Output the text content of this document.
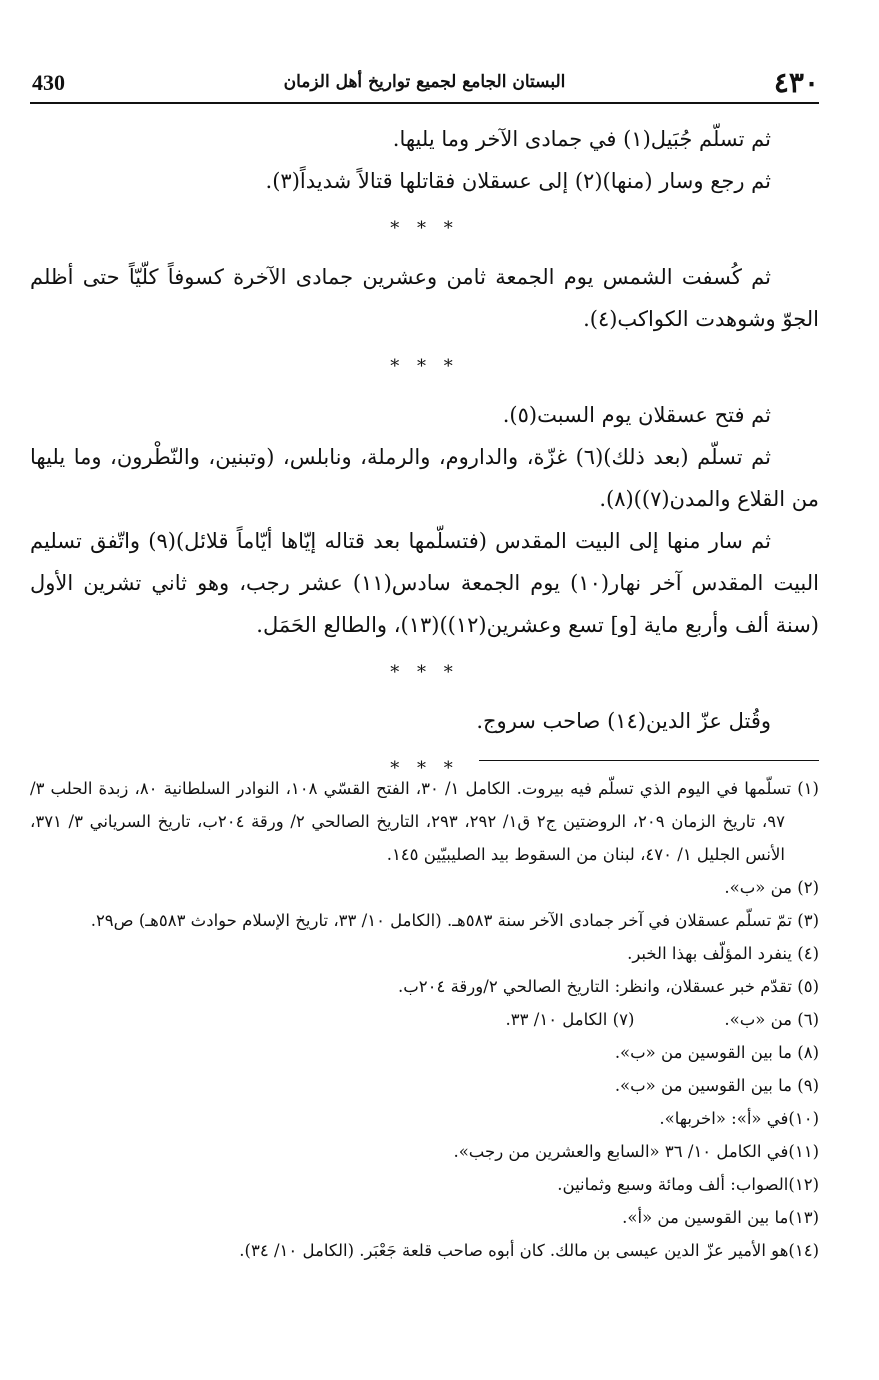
430	البستان الجامع لجميع تواريخ أهل الزمان	٤٣٠

ثم تسلّم جُبَيل(١) في جمادى الآخر وما يليها.

ثم رجع وسار (منها)(٢) إلى عسقلان فقاتلها قتالاً شديداً(٣).

* * *

ثم كُسفت الشمس يوم الجمعة ثامن وعشرين جمادى الآخرة كسوفاً كلّيّاً حتى أظلم الجوّ وشوهدت الكواكب(٤).

* * *

ثم فتح عسقلان يوم السبت(٥).

ثم تسلّم (بعد ذلك)(٦) غزّة، والداروم، والرملة، ونابلس، (وتبنين، والنّطْرون، وما يليها من القلاع والمدن(٧))(٨).

ثم سار منها إلى البيت المقدس (فتسلّمها بعد قتاله إيّاها أيّاماً قلائل)(٩) واتّفق تسليم البيت المقدس آخر نهار(١٠) يوم الجمعة سادس(١١) عشر رجب، وهو ثاني تشرين الأول (سنة ألف وأربع ماية [و] تسع وعشرين(١٢))(١٣)، والطالع الحَمَل.

* * *

وقُتل عزّ الدين(١٤) صاحب سروج.

* * *

(١) تسلّمها في اليوم الذي تسلّم فيه بيروت. الكامل ١/ ٣٠، الفتح القسّي ١٠٨، النوادر السلطانية ٨٠، زبدة الحلب ٣/ ٩٧، تاريخ الزمان ٢٠٩، الروضتين ج٢ ق١/ ٢٩٢، ٢٩٣، التاريخ الصالحي ٢/ ورقة ٢٠٤ب، تاريخ السرياني ٣/ ٣٧١، الأنس الجليل ١/ ٤٧٠، لبنان من السقوط بيد الصليبيّين ١٤٥.

(٢) من «ب».

(٣) تمّ تسلّم عسقلان في آخر جمادى الآخر سنة ٥٨٣هـ. (الكامل ١٠/ ٣٣، تاريخ الإسلام حوادث ٥٨٣هـ) ص٢٩.

(٤) ينفرد المؤلّف بهذا الخبر.

(٥) تقدّم خبر عسقلان، وانظر: التاريخ الصالحي ٢/ورقة ٢٠٤ب.

(٦) من «ب».

(٧) الكامل ١٠/ ٣٣.

(٨) ما بين القوسين من «ب».

(٩) ما بين القوسين من «ب».

(١٠)في «أ»: «اخربها».

(١١)في الكامل ١٠/ ٣٦ «السابع والعشرين من رجب».

(١٢)الصواب: ألف ومائة وسبع وثمانين.

(١٣)ما بين القوسين من «أ».

(١٤)هو الأمير عزّ الدين عيسى بن مالك. كان أبوه صاحب قلعة جَعْبَر. (الكامل ١٠/ ٣٤).
